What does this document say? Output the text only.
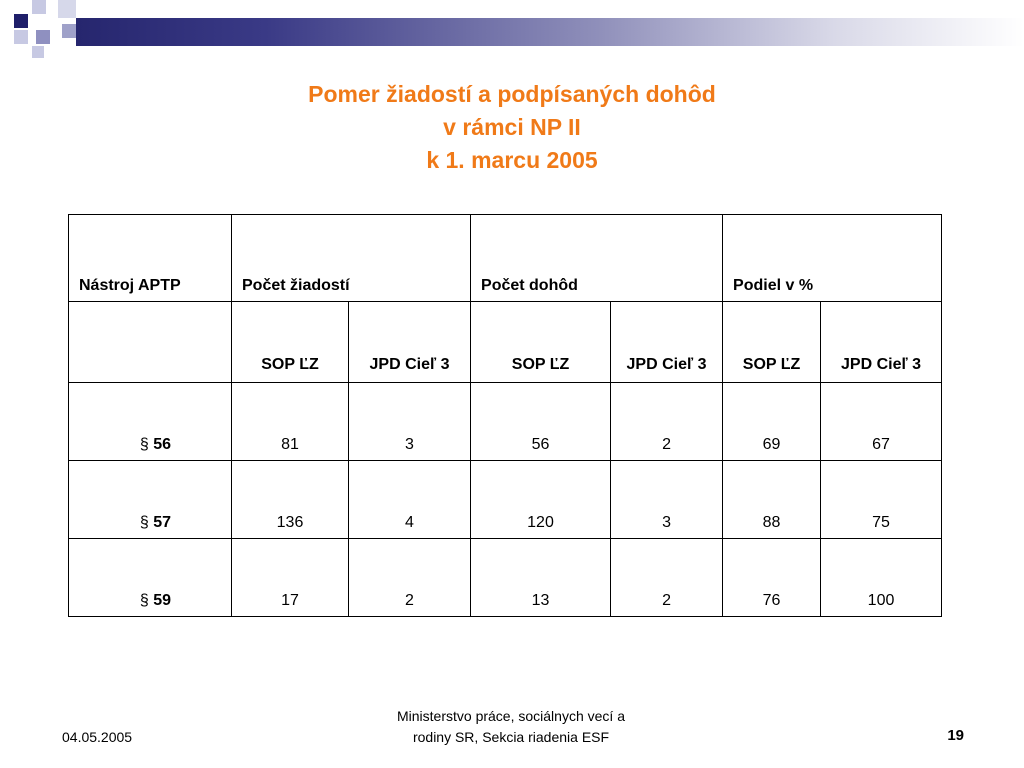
Pomer žiadostí a podpísaných dohôd
v rámci NP II
k 1. marcu 2005
Nástroj APTP	Počet žiadostí		Počet dohôd		Podiel v %	
	SOP ĽZ	JPD Cieľ 3	SOP ĽZ	JPD Cieľ 3	SOP ĽZ	JPD Cieľ 3
§ 56	81	3	56	2	69	67
§ 57	136	4	120	3	88	75
§ 59	17	2	13	2	76	100
04.05.2005
Ministerstvo práce, sociálnych vecí a
rodiny SR, Sekcia riadenia ESF	19
